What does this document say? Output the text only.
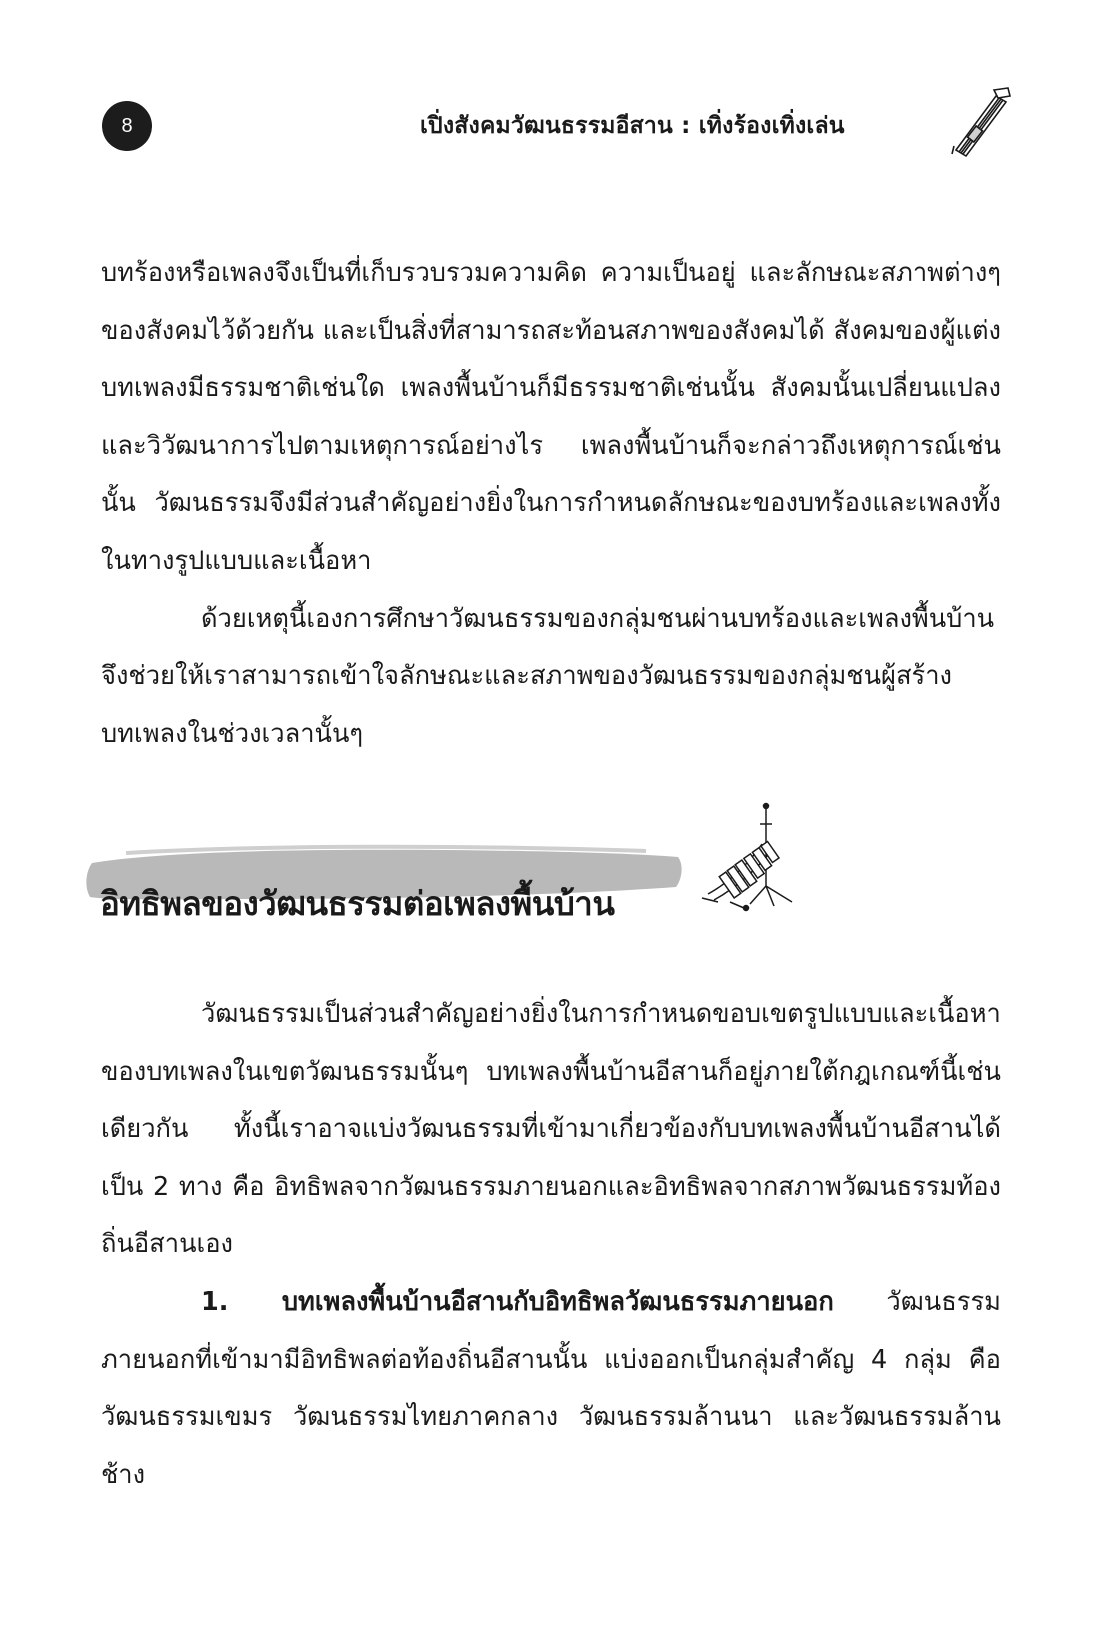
8	เปิ่งสังคมวัฒนธรรมอีสาน : เทิ่งร้องเทิ่งเล่น

บทร้องหรือเพลงจึงเป็นที่เก็บรวบรวมความคิด ความเป็นอยู่ และลักษณะสภาพต่างๆ ของสังคมไว้ด้วยกัน และเป็นสิ่งที่สามารถสะท้อนสภาพของสังคมได้ สังคมของผู้แต่งบทเพลงมีธรรมชาติเช่นใด เพลงพื้นบ้านก็มีธรรมชาติเช่นนั้น สังคมนั้นเปลี่ยนแปลงและวิวัฒนาการไปตามเหตุการณ์อย่างไร เพลงพื้นบ้านก็จะกล่าวถึงเหตุการณ์เช่นนั้น วัฒนธรรมจึงมีส่วนสำคัญอย่างยิ่งในการกำหนดลักษณะของบทร้องและเพลงทั้งในทางรูปแบบและเนื้อหา

ด้วยเหตุนี้เองการศึกษาวัฒนธรรมของกลุ่มชนผ่านบทร้องและเพลงพื้นบ้านจึงช่วยให้เราสามารถเข้าใจลักษณะและสภาพของวัฒนธรรมของกลุ่มชนผู้สร้างบทเพลงในช่วงเวลานั้นๆ

อิทธิพลของวัฒนธรรมต่อเพลงพื้นบ้าน

วัฒนธรรมเป็นส่วนสำคัญอย่างยิ่งในการกำหนดขอบเขตรูปแบบและเนื้อหาของบทเพลงในเขตวัฒนธรรมนั้นๆ บทเพลงพื้นบ้านอีสานก็อยู่ภายใต้กฎเกณฑ์นี้เช่นเดียวกัน ทั้งนี้เราอาจแบ่งวัฒนธรรมที่เข้ามาเกี่ยวข้องกับบทเพลงพื้นบ้านอีสานได้เป็น 2 ทาง คือ อิทธิพลจากวัฒนธรรมภายนอกและอิทธิพลจากสภาพวัฒนธรรมท้องถิ่นอีสานเอง

1. บทเพลงพื้นบ้านอีสานกับอิทธิพลวัฒนธรรมภายนอก วัฒนธรรมภายนอกที่เข้ามามีอิทธิพลต่อท้องถิ่นอีสานนั้น แบ่งออกเป็นกลุ่มสำคัญ 4 กลุ่ม คือ วัฒนธรรมเขมร วัฒนธรรมไทยภาคกลาง วัฒนธรรมล้านนา และวัฒนธรรมล้านช้าง
